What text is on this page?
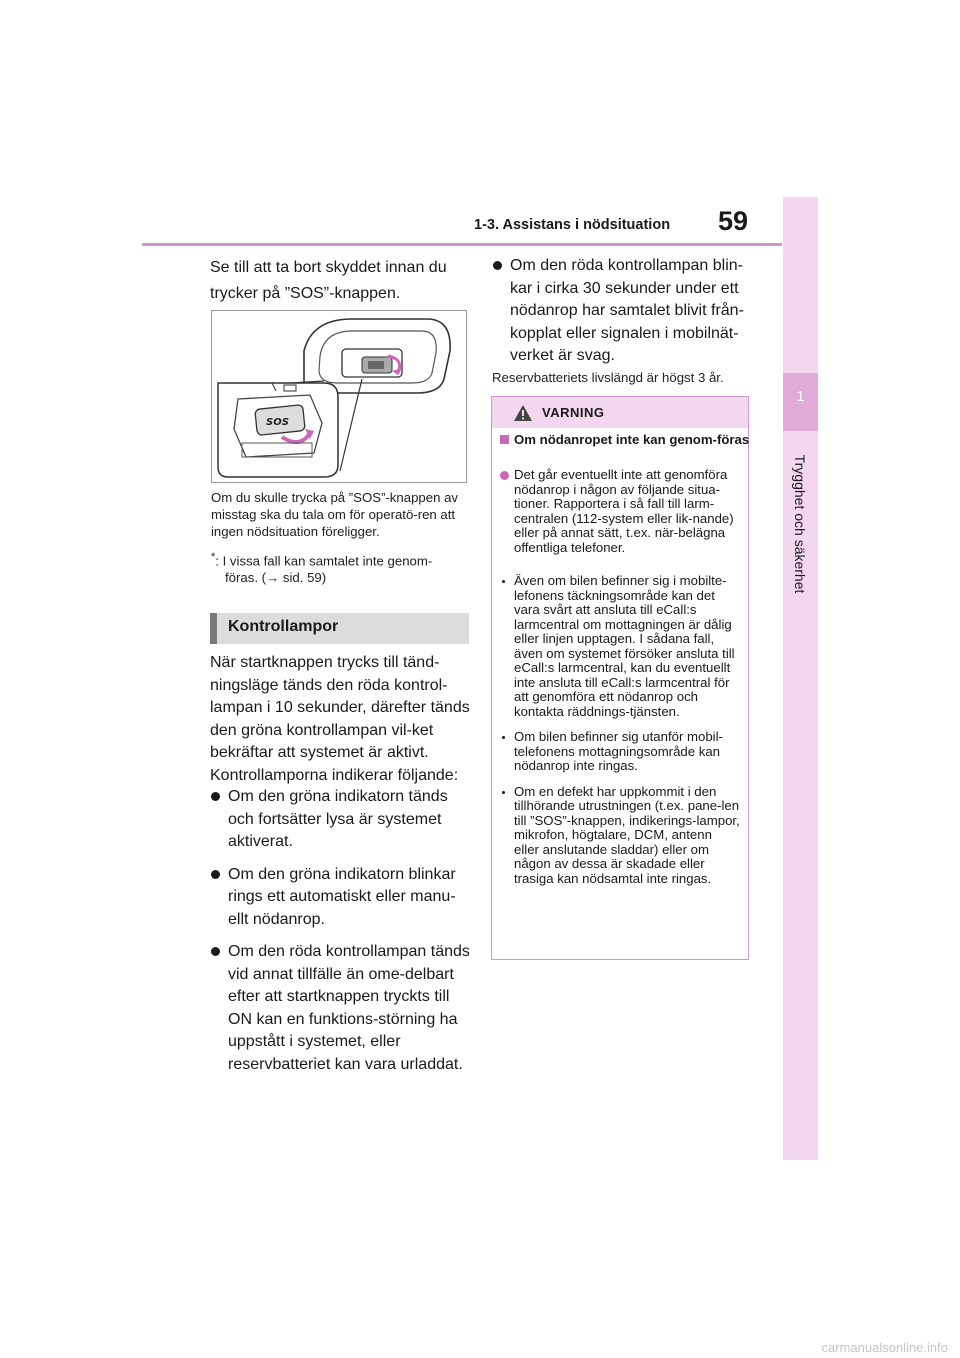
1-3. Assistans i nödsituation 59
1
Trygghet och säkerhet
Se till att ta bort skyddet innan du trycker på ”SOS”-knappen.
SOS
Om du skulle trycka på ”SOS”-knappen av misstag ska du tala om för operatö-ren att ingen nödsituation föreligger.
*: I vissa fall kan samtalet inte genom-
föras. (→ sid. 59)
Kontrollampor
När startknappen trycks till tänd-ningsläge tänds den röda kontrol-lampan i 10 sekunder, därefter tänds den gröna kontrollampan vil-ket bekräftar att systemet är aktivt. Kontrollamporna indikerar följande:
Om den gröna indikatorn tänds och fortsätter lysa är systemet aktiverat.
Om den gröna indikatorn blinkar rings ett automatiskt eller manu-ellt nödanrop.
Om den röda kontrollampan tänds vid annat tillfälle än ome-delbart efter att startknappen tryckts till ON kan en funktions-störning ha uppstått i systemet, eller reservbatteriet kan vara urladdat.
Om den röda kontrollampan blin-kar i cirka 30 sekunder under ett nödanrop har samtalet blivit från-kopplat eller signalen i mobilnät-verket är svag.
Reservbatteriets livslängd är högst 3 år.
VARNING
Om nödanropet inte kan genom-föras
Det går eventuellt inte att genomföra nödanrop i någon av följande situa-tioner. Rapportera i så fall till larm-centralen (112-system eller lik-nande) eller på annat sätt, t.ex. när-belägna offentliga telefoner.
Även om bilen befinner sig i mobilte-lefonens täckningsområde kan det vara svårt att ansluta till eCall:s larmcentral om mottagningen är dålig eller linjen upptagen. I sådana fall, även om systemet försöker ansluta till eCall:s larmcentral, kan du eventuellt inte ansluta till eCall:s larmcentral för att genomföra ett nödanrop och kontakta räddnings-tjänsten.
Om bilen befinner sig utanför mobil-telefonens mottagningsområde kan nödanrop inte ringas.
Om en defekt har uppkommit i den tillhörande utrustningen (t.ex. pane-len till ”SOS”-knappen, indikerings-lampor, mikrofon, högtalare, DCM, antenn eller anslutande sladdar) eller om någon av dessa är skadade eller trasiga kan nödsamtal inte ringas.
carmanualsonline.info
